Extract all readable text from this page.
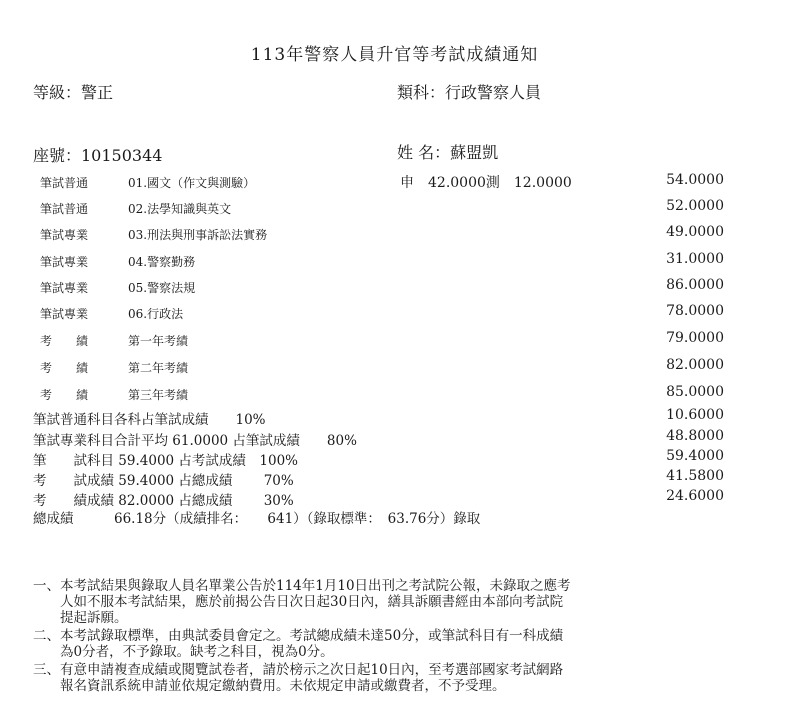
113年警察人員升官等考試成績通知
等級：警正	類科：行政警察人員
座號：10150344	姓 名：蘇盟凱
筆試普通	01.國文（作文與測驗）	申　42.0000測　12.0000	54.0000
筆試普通	02.法學知識與英文	52.0000
筆試專業	03.刑法與刑事訴訟法實務	49.0000
筆試專業	04.警察勤務	31.0000
筆試專業	05.警察法規	86.0000
筆試專業	06.行政法	78.0000
考　　績	第一年考績	79.0000
考　　績	第二年考績	82.0000
考　　績	第三年考績	85.0000
筆試普通科目各科占筆試成績　　10%	10.6000
筆試專業科目合計平均 61.0000 占筆試成績　　80%	48.8000
筆　　試科目 59.4000 占考試成績　100%	59.4000
考　　試成績 59.4000 占總成績　　 70%	41.5800
考　　績成績 82.0000 占總成績　　 30%	24.6000
總成績　　　66.18分（成績排名：　　641）（錄取標準：　63.76分）錄取
一、本考試結果與錄取人員名單業公告於114年1月10日出刊之考試院公報，未錄取之應考
　　人如不服本考試結果，應於前揭公告日次日起30日內，繕具訴願書經由本部向考試院
　　提起訴願。
二、本考試錄取標準，由典試委員會定之。考試總成績未達50分，或筆試科目有一科成績
　　為0分者，不予錄取。缺考之科目，視為0分。
三、有意申請複查成績或閱覽試卷者，請於榜示之次日起10日內，至考選部國家考試網路
　　報名資訊系統申請並依規定繳納費用。未依規定申請或繳費者，不予受理。
